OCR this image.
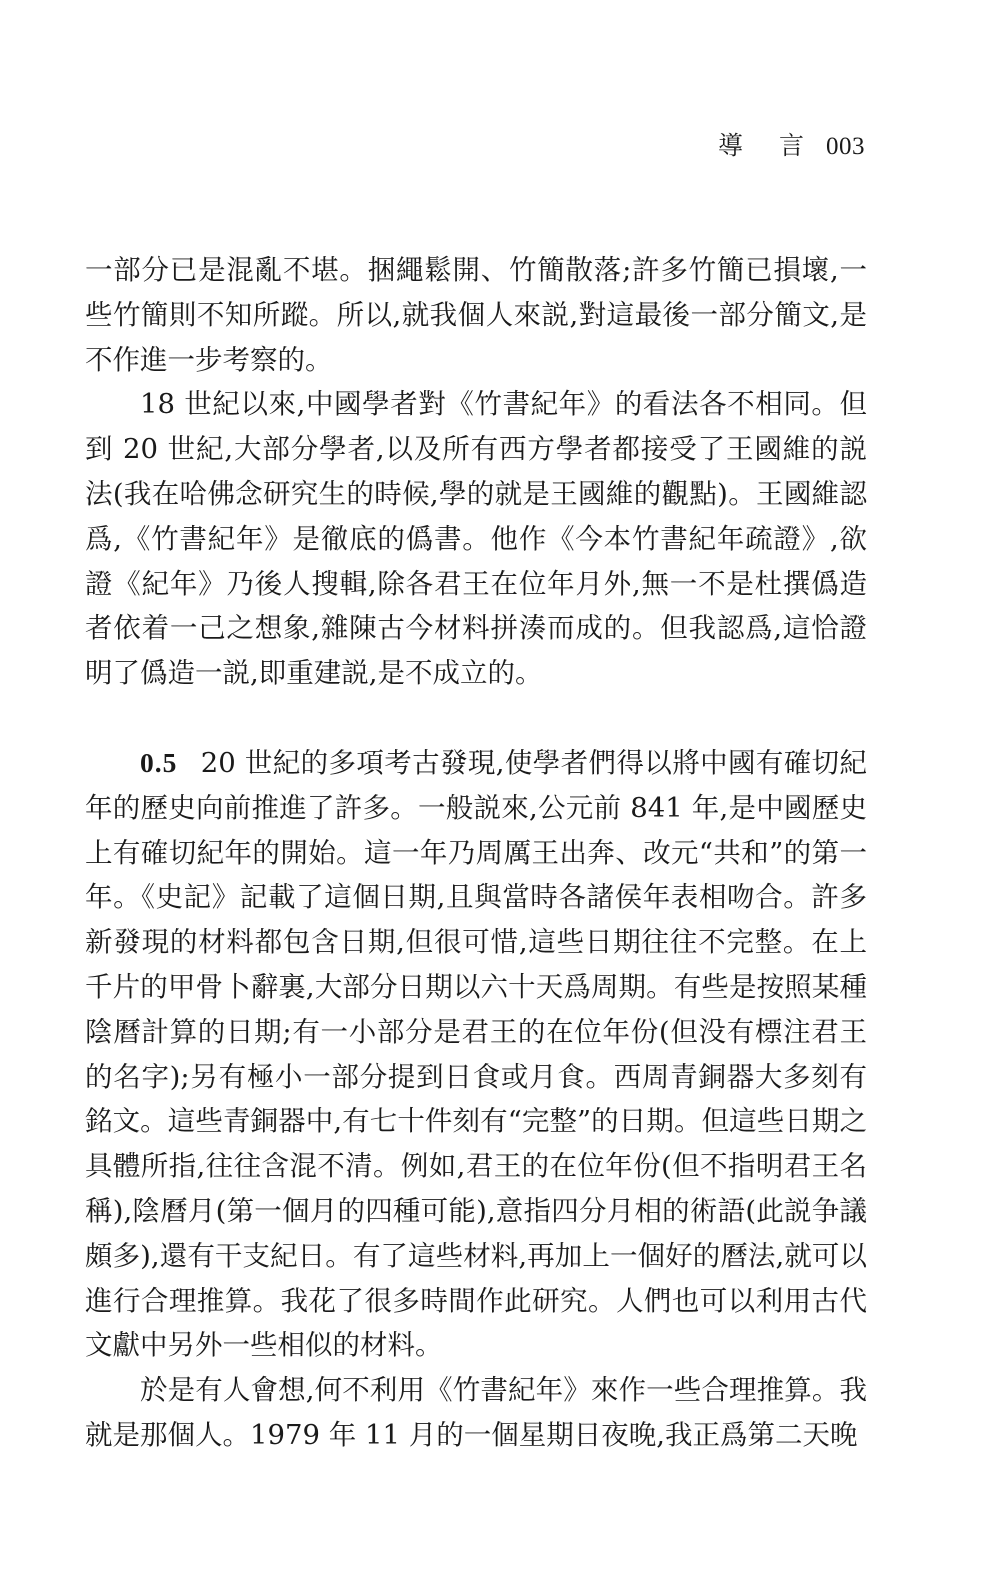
導 言 003

一部分已是混亂不堪。捆繩鬆開、竹簡散落;許多竹簡已損壞,一些竹簡則不知所蹤。所以,就我個人來説,對這最後一部分簡文,是不作進一步考察的。

18 世紀以來,中國學者對《竹書紀年》的看法各不相同。但到 20 世紀,大部分學者,以及所有西方學者都接受了王國維的説法(我在哈佛念研究生的時候,學的就是王國維的觀點)。王國維認爲,《竹書紀年》是徹底的僞書。他作《今本竹書紀年疏證》,欲證《紀年》乃後人搜輯,除各君王在位年月外,無一不是杜撰僞造者依着一己之想象,雜陳古今材料拼湊而成的。但我認爲,這恰證明了僞造一説,即重建説,是不成立的。

0.5 20 世紀的多項考古發現,使學者們得以將中國有確切紀年的歷史向前推進了許多。一般説來,公元前 841 年,是中國歷史上有確切紀年的開始。這一年乃周厲王出奔、改元“共和”的第一年。《史記》記載了這個日期,且與當時各諸侯年表相吻合。許多新發現的材料都包含日期,但很可惜,這些日期往往不完整。在上千片的甲骨卜辭裏,大部分日期以六十天爲周期。有些是按照某種陰曆計算的日期;有一小部分是君王的在位年份(但没有標注君王的名字);另有極小一部分提到日食或月食。西周青銅器大多刻有銘文。這些青銅器中,有七十件刻有“完整”的日期。但這些日期之具體所指,往往含混不清。例如,君王的在位年份(但不指明君王名稱),陰曆月(第一個月的四種可能),意指四分月相的術語(此説争議頗多),還有干支紀日。有了這些材料,再加上一個好的曆法,就可以進行合理推算。我花了很多時間作此研究。人們也可以利用古代文獻中另外一些相似的材料。

於是有人會想,何不利用《竹書紀年》來作一些合理推算。我就是那個人。1979 年 11 月的一個星期日夜晚,我正爲第二天晚
